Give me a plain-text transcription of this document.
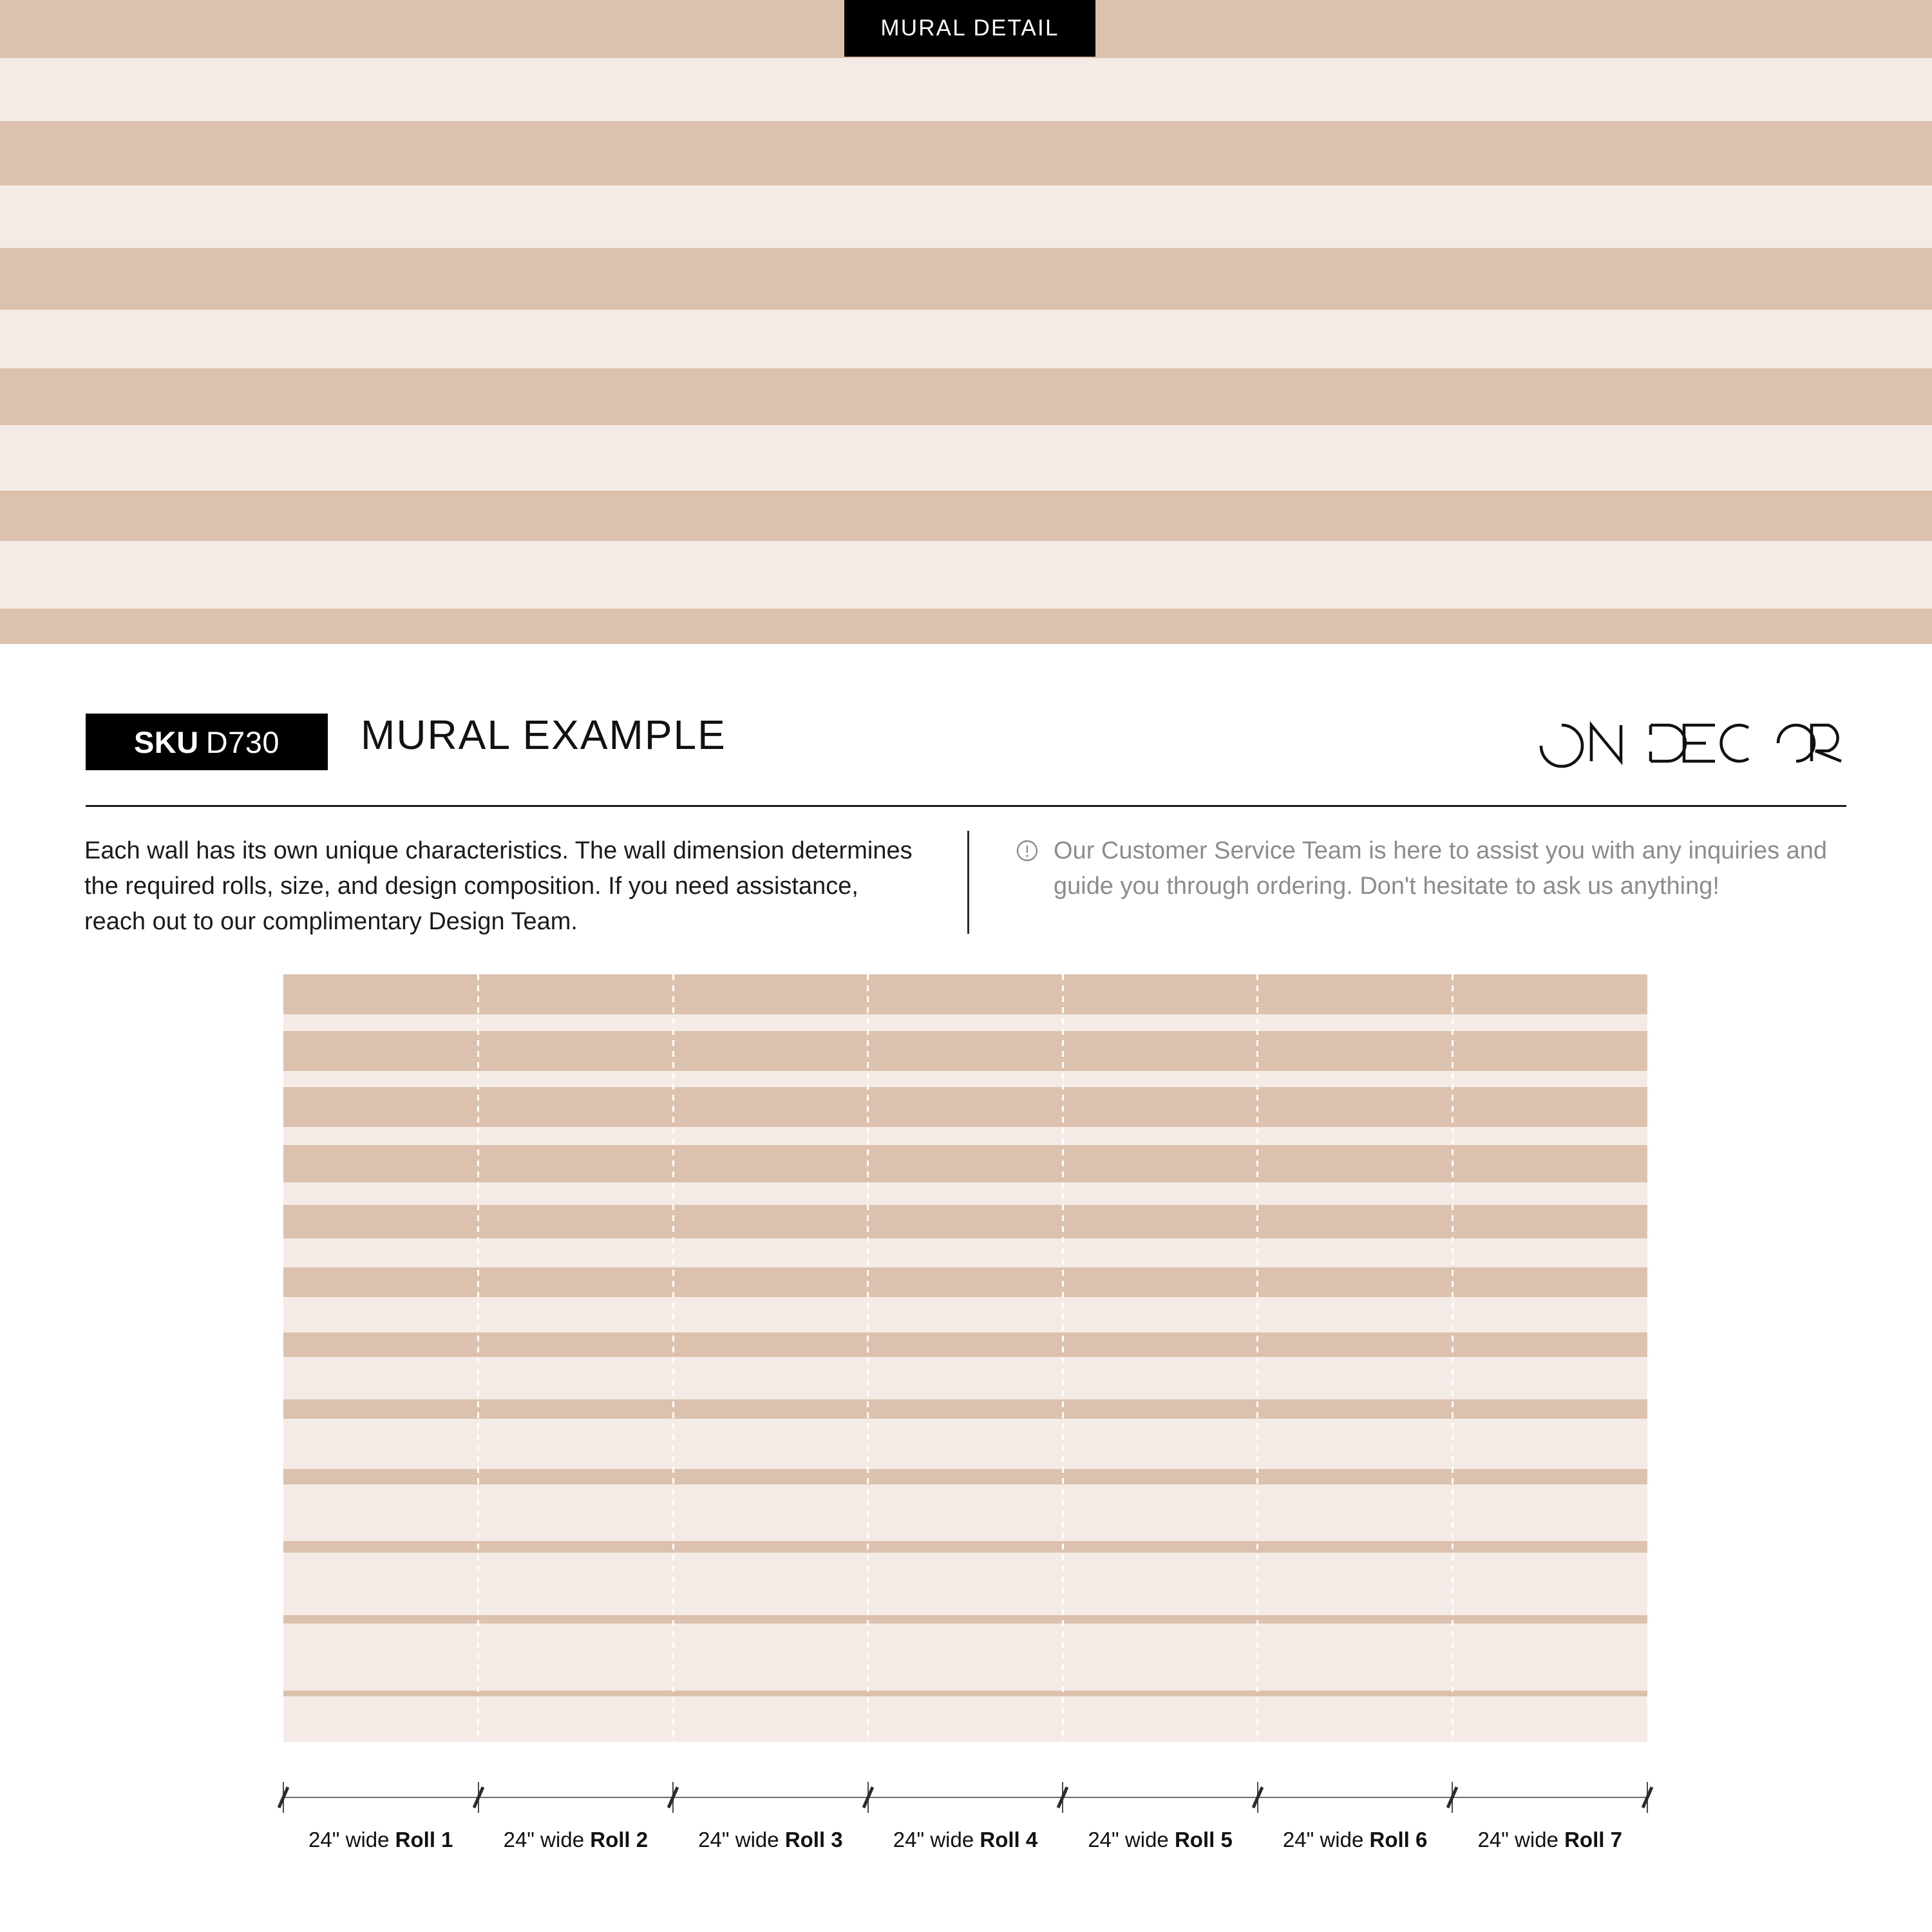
MURAL DETAIL
SKU D730 MURAL EXAMPLE
Each wall has its own unique characteristics. The wall dimension determines the required rolls, size, and design composition. If you need assistance, reach out to our complimentary Design Team.
Our Customer Service Team is here to assist you with any inquiries and guide you through ordering. Don't hesitate to ask us anything!
24" wide Roll 1	24" wide Roll 2	24" wide Roll 3	24" wide Roll 4	24" wide Roll 5	24" wide Roll 6	24" wide Roll 7
